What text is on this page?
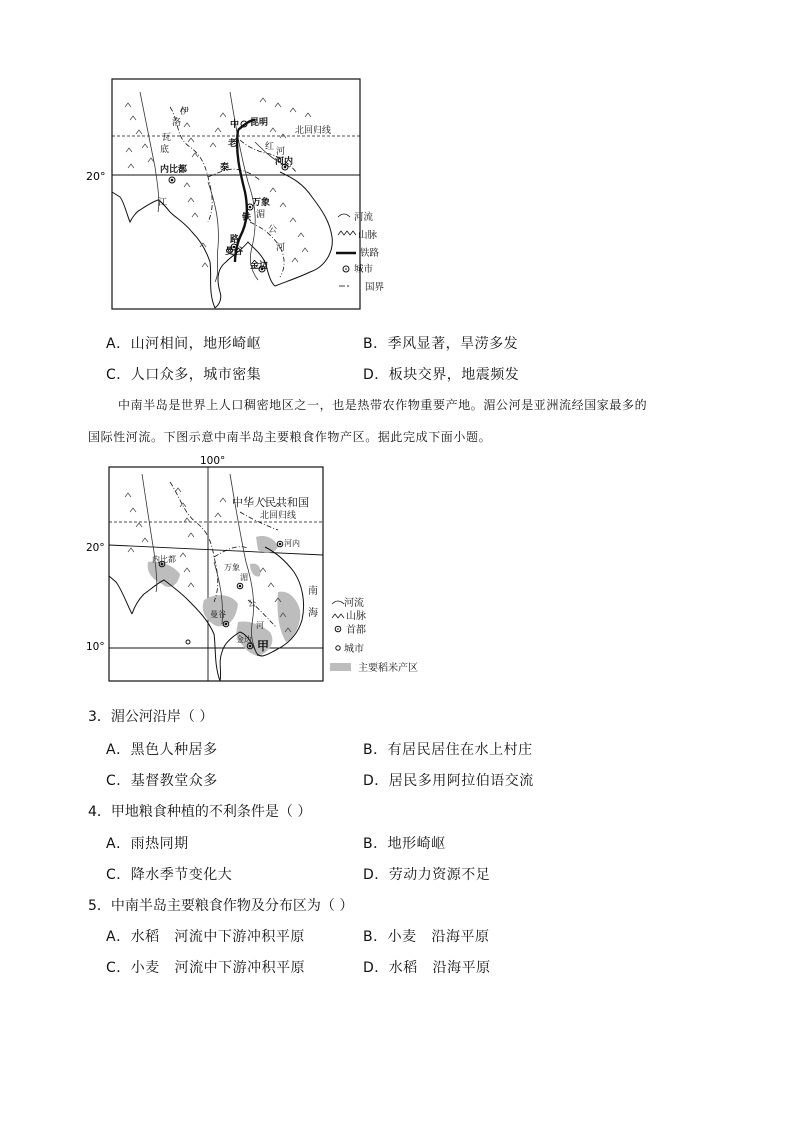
20°
中 昆明
北回归线
老	红 河
河内
内比都	泰
万象
铁 湄
公
河
路
曼谷
金边
伊
洛
瓦
底
江
河流
山脉
铁路
城市
国界
A．山河相间，地形崎岖	B．季风显著，旱涝多发
C．人口众多，城市密集	D．板块交界，地震频发
中南半岛是世界上人口稠密地区之一，也是热带农作物重要产地。湄公河是亚洲流经国家最多的
国际性河流。下图示意中南半岛主要粮食作物产区。据此完成下面小题。
100°
20°
10°
中华人民共和国
北回归线
河内
内比都
万象
湄
公
河
曼谷
金边 甲
南
海
河流
山脉
首都
城市
主要稻米产区
3．湄公河沿岸（ ）
A．黑色人种居多	B．有居民居住在水上村庄
C．基督教堂众多	D．居民多用阿拉伯语交流
4．甲地粮食种植的不利条件是（ ）
A．雨热同期	B．地形崎岖
C．降水季节变化大	D．劳动力资源不足
5．中南半岛主要粮食作物及分布区为（ ）
A．水稻   河流中下游冲积平原	B．小麦   沿海平原
C．小麦   河流中下游冲积平原	D．水稻   沿海平原
